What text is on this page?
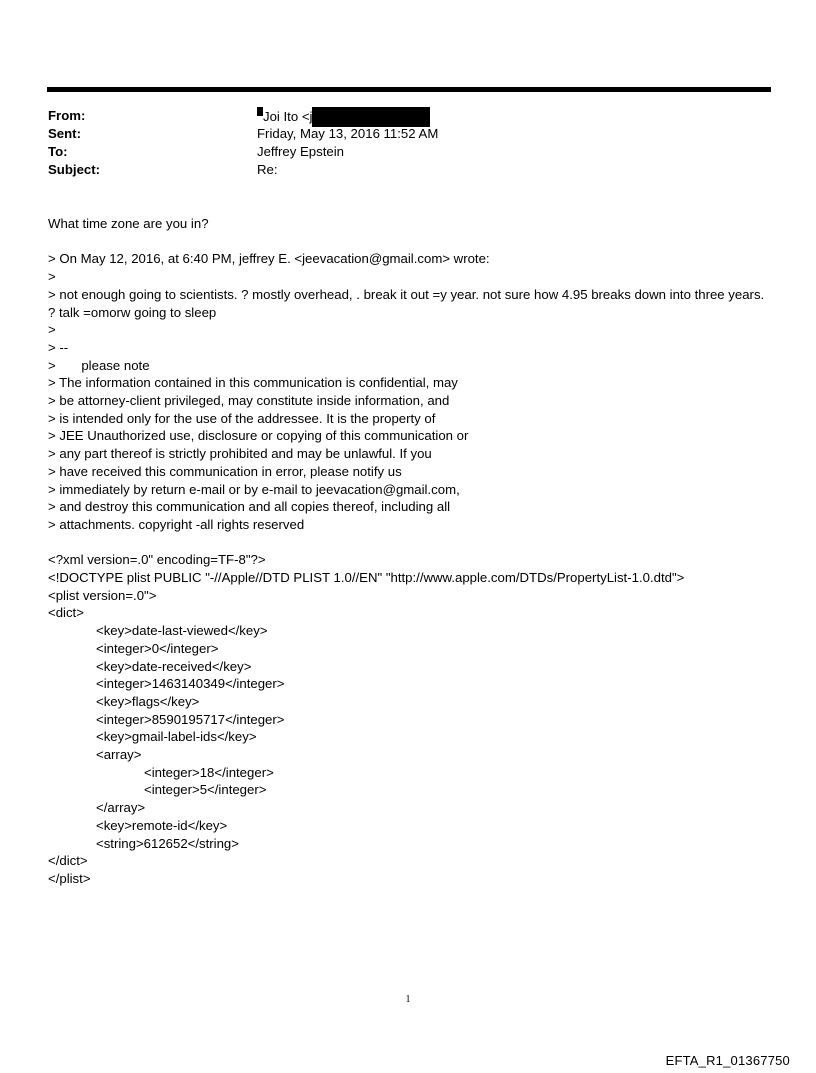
From:	Joi Ito <j
Sent:	Friday, May 13, 2016 11:52 AM
To:	Jeffrey Epstein
Subject:	Re:
What time zone are you in?
> On May 12, 2016, at 6:40 PM, jeffrey E. <jeevacation@gmail.com> wrote:
>
> not enough going to scientists. ? mostly overhead, . break it out =y year. not sure how 4.95 breaks down into three years. ? talk =omorw going to sleep
>
> --
>       please note
> The information contained in this communication is confidential, may
> be attorney-client privileged, may constitute inside information, and
> is intended only for the use of the addressee. It is the property of
> JEE Unauthorized use, disclosure or copying of this communication or
> any part thereof is strictly prohibited and may be unlawful. If you
> have received this communication in error, please notify us
> immediately by return e-mail or by e-mail to jeevacation@gmail.com,
> and destroy this communication and all copies thereof, including all
> attachments. copyright -all rights reserved
<?xml version=.0" encoding=TF-8"?>
<!DOCTYPE plist PUBLIC "-//Apple//DTD PLIST 1.0//EN" "http://www.apple.com/DTDs/PropertyList-1.0.dtd">
<plist version=.0">
<dict>
<key>date-last-viewed</key>
<integer>0</integer>
<key>date-received</key>
<integer>1463140349</integer>
<key>flags</key>
<integer>8590195717</integer>
<key>gmail-label-ids</key>
<array>
<integer>18</integer>
<integer>5</integer>
</array>
<key>remote-id</key>
<string>612652</string>
</dict>
</plist>
1
EFTA_R1_01367750
